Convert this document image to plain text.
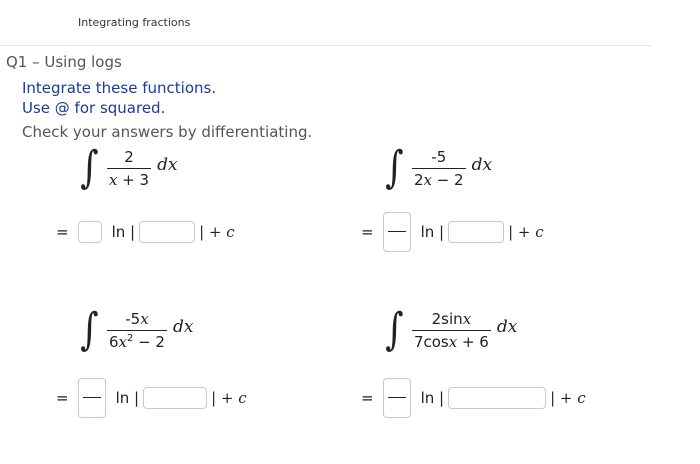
Integrating fractions
Q1 – Using logs
Integrate these functions.
Use @ for squared.
Check your answers by differentiating.
∫ $\frac{2}{x + 3}$ dx
=	ln |	| + c
∫ $\frac{-5}{2x - 2}$ dx
=	ln |	| + c
∫ $\frac{-5x}{6x^2 - 2}$ dx
=	ln |	| + c
∫ $\frac{2\sin x}{7\cos x + 6}$ dx
=	ln |	| + c
